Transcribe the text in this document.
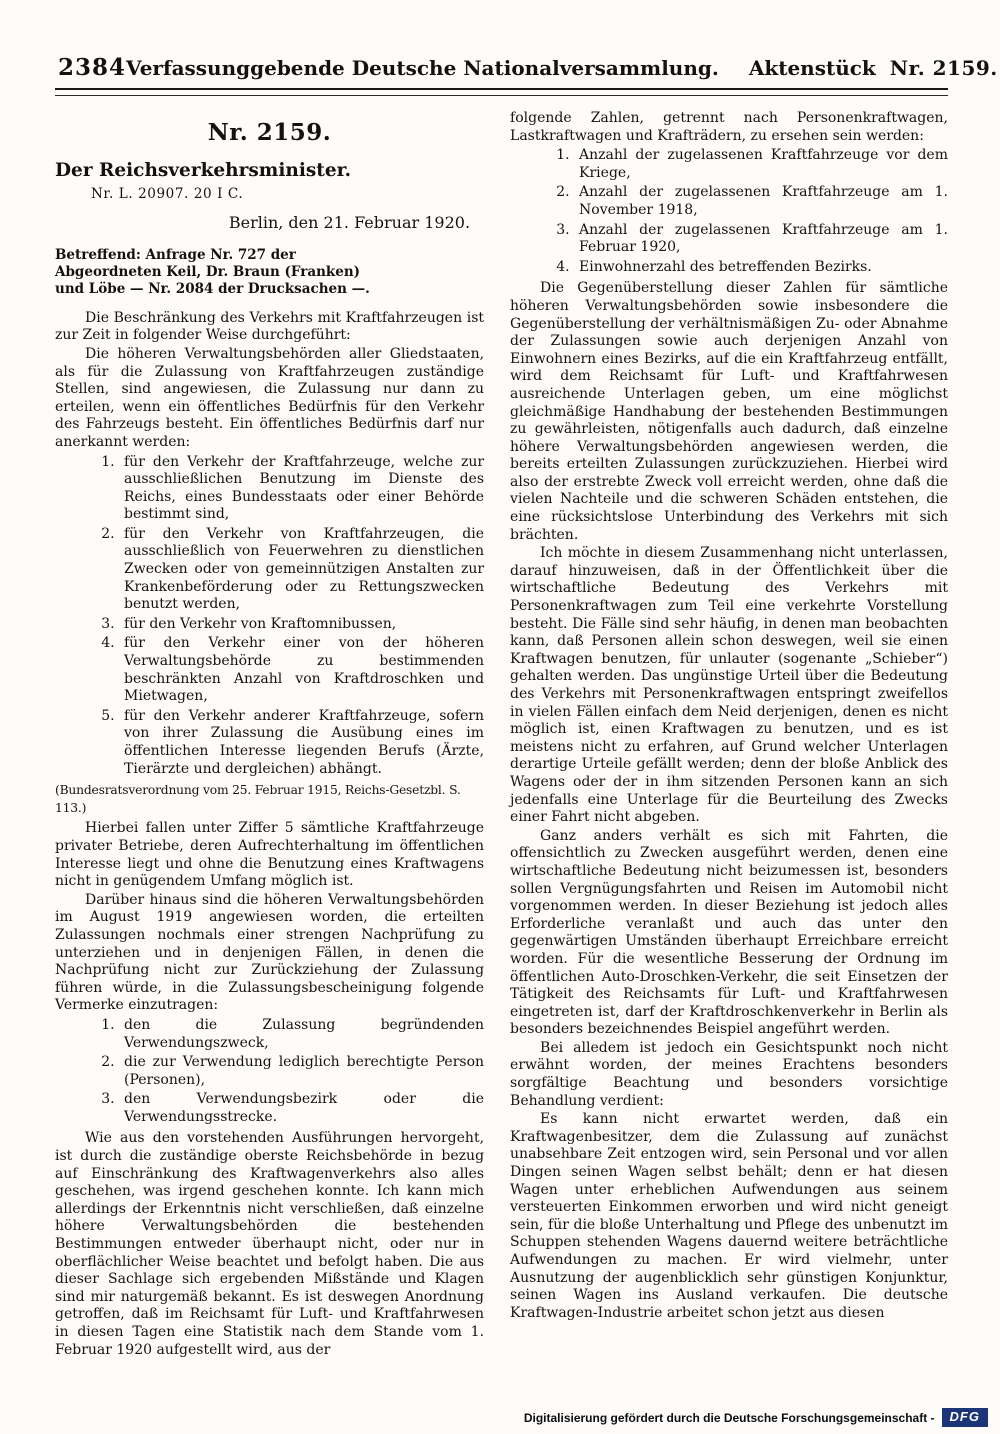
2384 Verfassunggebende Deutsche Nationalversammlung. Aktenstück Nr. 2159.

Nr. 2159.

Der Reichsverkehrsminister.

Nr. L. 20907. 20 I C.

Berlin, den 21. Februar 1920.

Betreffend: Anfrage Nr. 727 der Abgeordneten Keil, Dr. Braun (Franken) und Löbe — Nr. 2084 der Drucksachen —.

Die Beschränkung des Verkehrs mit Kraftfahrzeugen ist zur Zeit in folgender Weise durchgeführt:

Die höheren Verwaltungsbehörden aller Gliedstaaten, als für die Zulassung von Kraftfahrzeugen zuständige Stellen, sind angewiesen, die Zulassung nur dann zu erteilen, wenn ein öffentliches Bedürfnis für den Verkehr des Fahrzeugs besteht. Ein öffentliches Bedürfnis darf nur anerkannt werden:

1. für den Verkehr der Kraftfahrzeuge, welche zur ausschließlichen Benutzung im Dienste des Reichs, eines Bundesstaats oder einer Behörde bestimmt sind,
2. für den Verkehr von Kraftfahrzeugen, die ausschließlich von Feuerwehren zu dienstlichen Zwecken oder von gemeinnützigen Anstalten zur Krankenbeförderung oder zu Rettungszwecken benutzt werden,
3. für den Verkehr von Kraftomnibussen,
4. für den Verkehr einer von der höheren Verwaltungsbehörde zu bestimmenden beschränkten Anzahl von Kraftdroschken und Mietwagen,
5. für den Verkehr anderer Kraftfahrzeuge, sofern von ihrer Zulassung die Ausübung eines im öffentlichen Interesse liegenden Berufs (Ärzte, Tierärzte und dergleichen) abhängt.

(Bundesratsverordnung vom 25. Februar 1915, Reichs-Gesetzbl. S. 113.)

Hierbei fallen unter Ziffer 5 sämtliche Kraftfahrzeuge privater Betriebe, deren Aufrechterhaltung im öffentlichen Interesse liegt und ohne die Benutzung eines Kraftwagens nicht in genügendem Umfang möglich ist.

Darüber hinaus sind die höheren Verwaltungsbehörden im August 1919 angewiesen worden, die erteilten Zulassungen nochmals einer strengen Nachprüfung zu unterziehen und in denjenigen Fällen, in denen die Nachprüfung nicht zur Zurückziehung der Zulassung führen würde, in die Zulassungsbescheinigung folgende Vermerke einzutragen:

1. den die Zulassung begründenden Verwendungszweck,
2. die zur Verwendung lediglich berechtigte Person (Personen),
3. den Verwendungsbezirk oder die Verwendungsstrecke.

Wie aus den vorstehenden Ausführungen hervorgeht, ist durch die zuständige oberste Reichsbehörde in bezug auf Einschränkung des Kraftwagenverkehrs also alles geschehen, was irgend geschehen konnte. Ich kann mich allerdings der Erkenntnis nicht verschließen, daß einzelne höhere Verwaltungsbehörden die bestehenden Bestimmungen entweder überhaupt nicht, oder nur in oberflächlicher Weise beachtet und befolgt haben. Die aus dieser Sachlage sich ergebenden Mißstände und Klagen sind mir naturgemäß bekannt. Es ist deswegen Anordnung getroffen, daß im Reichsamt für Luft- und Kraftfahrwesen in diesen Tagen eine Statistik nach dem Stande vom 1. Februar 1920 aufgestellt wird, aus der

folgende Zahlen, getrennt nach Personenkraftwagen, Lastkraftwagen und Krafträdern, zu ersehen sein werden:

1. Anzahl der zugelassenen Kraftfahrzeuge vor dem Kriege,
2. Anzahl der zugelassenen Kraftfahrzeuge am 1. November 1918,
3. Anzahl der zugelassenen Kraftfahrzeuge am 1. Februar 1920,
4. Einwohnerzahl des betreffenden Bezirks.

Die Gegenüberstellung dieser Zahlen für sämtliche höheren Verwaltungsbehörden sowie insbesondere die Gegenüberstellung der verhältnismäßigen Zu- oder Abnahme der Zulassungen sowie auch derjenigen Anzahl von Einwohnern eines Bezirks, auf die ein Kraftfahrzeug entfällt, wird dem Reichsamt für Luft- und Kraftfahrwesen ausreichende Unterlagen geben, um eine möglichst gleichmäßige Handhabung der bestehenden Bestimmungen zu gewährleisten, nötigenfalls auch dadurch, daß einzelne höhere Verwaltungsbehörden angewiesen werden, die bereits erteilten Zulassungen zurückzuziehen. Hierbei wird also der erstrebte Zweck voll erreicht werden, ohne daß die vielen Nachteile und die schweren Schäden entstehen, die eine rücksichtslose Unterbindung des Verkehrs mit sich brächten.

Ich möchte in diesem Zusammenhang nicht unterlassen, darauf hinzuweisen, daß in der Öffentlichkeit über die wirtschaftliche Bedeutung des Verkehrs mit Personenkraftwagen zum Teil eine verkehrte Vorstellung besteht. Die Fälle sind sehr häufig, in denen man beobachten kann, daß Personen allein schon deswegen, weil sie einen Kraftwagen benutzen, für unlauter (sogenante „Schieber“) gehalten werden. Das ungünstige Urteil über die Bedeutung des Verkehrs mit Personenkraftwagen entspringt zweifellos in vielen Fällen einfach dem Neid derjenigen, denen es nicht möglich ist, einen Kraftwagen zu benutzen, und es ist meistens nicht zu erfahren, auf Grund welcher Unterlagen derartige Urteile gefällt werden; denn der bloße Anblick des Wagens oder der in ihm sitzenden Personen kann an sich jedenfalls eine Unterlage für die Beurteilung des Zwecks einer Fahrt nicht abgeben.

Ganz anders verhält es sich mit Fahrten, die offensichtlich zu Zwecken ausgeführt werden, denen eine wirtschaftliche Bedeutung nicht beizumessen ist, besonders sollen Vergnügungsfahrten und Reisen im Automobil nicht vorgenommen werden. In dieser Beziehung ist jedoch alles Erforderliche veranlaßt und auch das unter den gegenwärtigen Umständen überhaupt Erreichbare erreicht worden. Für die wesentliche Besserung der Ordnung im öffentlichen Auto-Droschken-Verkehr, die seit Einsetzen der Tätigkeit des Reichsamts für Luft- und Kraftfahrwesen eingetreten ist, darf der Kraftdroschkenverkehr in Berlin als besonders bezeichnendes Beispiel angeführt werden.

Bei alledem ist jedoch ein Gesichtspunkt noch nicht erwähnt worden, der meines Erachtens besonders sorgfältige Beachtung und besonders vorsichtige Behandlung verdient:

Es kann nicht erwartet werden, daß ein Kraftwagenbesitzer, dem die Zulassung auf zunächst unabsehbare Zeit entzogen wird, sein Personal und vor allen Dingen seinen Wagen selbst behält; denn er hat diesen Wagen unter erheblichen Aufwendungen aus seinem versteuerten Einkommen erworben und wird nicht geneigt sein, für die bloße Unterhaltung und Pflege des unbenutzt im Schuppen stehenden Wagens dauernd weitere beträchtliche Aufwendungen zu machen. Er wird vielmehr, unter Ausnutzung der augenblicklich sehr günstigen Konjunktur, seinen Wagen ins Ausland verkaufen. Die deutsche Kraftwagen-Industrie arbeitet schon jetzt aus diesen

Digitalisierung gefördert durch die Deutsche Forschungsgemeinschaft -	DFG
